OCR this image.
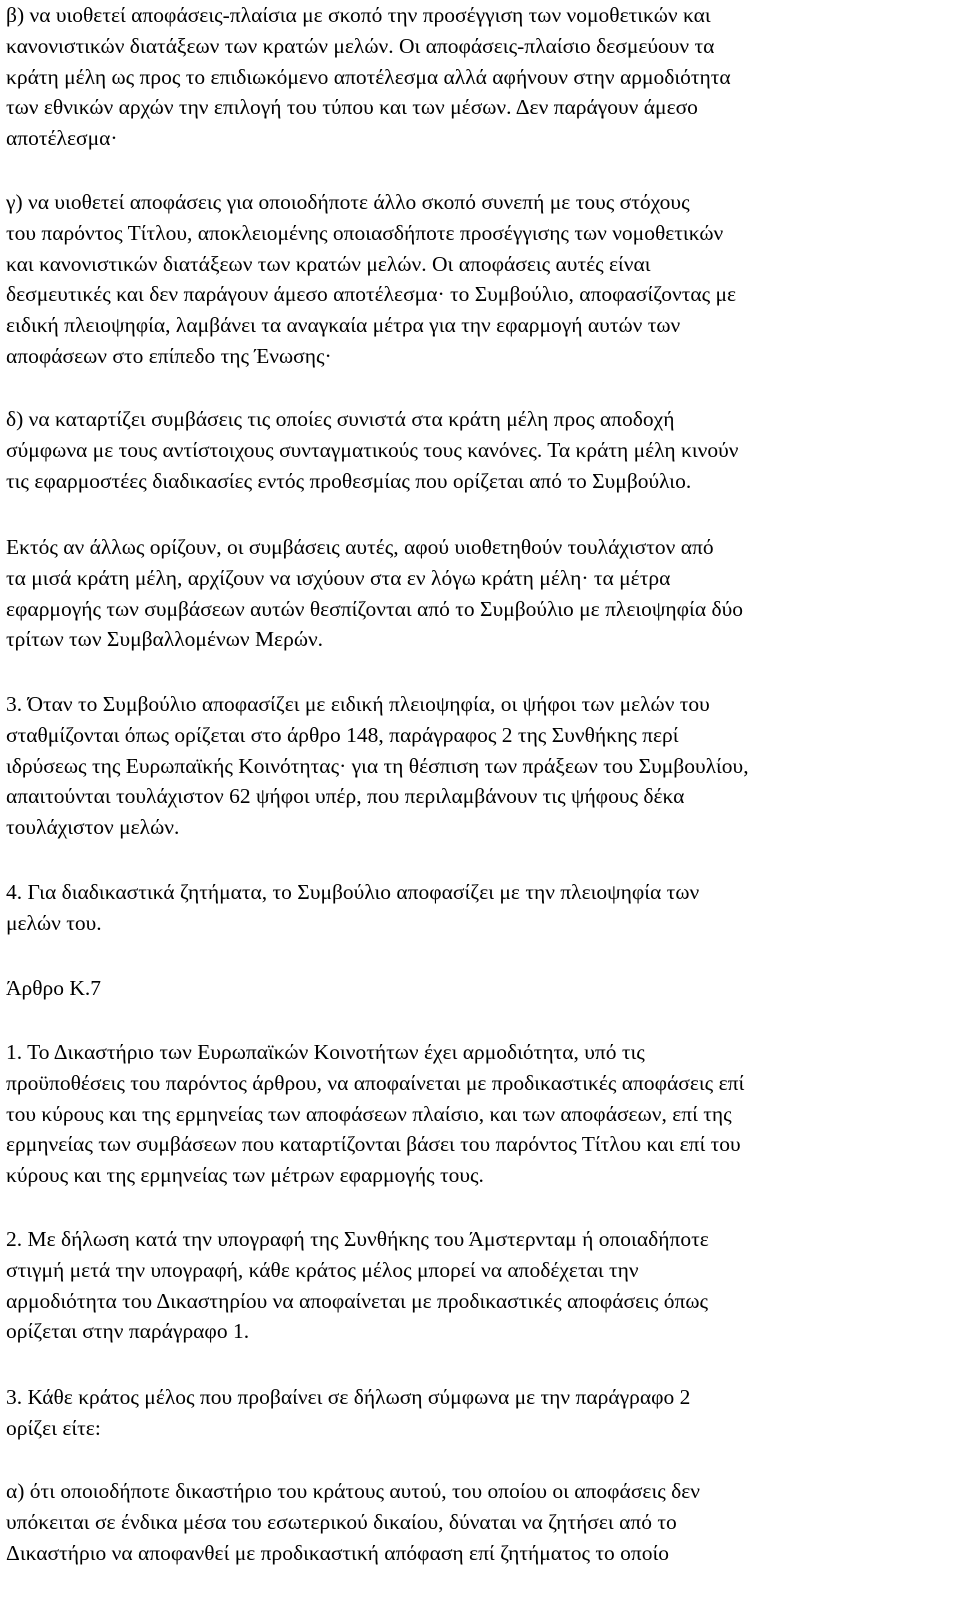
β) να υιοθετεί αποφάσεις-πλαίσια με σκοπό την προσέγγιση των νομοθετικών και
κανονιστικών διατάξεων των κρατών μελών. Οι αποφάσεις-πλαίσιο δεσμεύουν τα
κράτη μέλη ως προς το επιδιωκόμενο αποτέλεσμα αλλά αφήνουν στην αρμοδιότητα
των εθνικών αρχών την επιλογή του τύπου και των μέσων. Δεν παράγουν άμεσο
αποτέλεσμα·

γ) να υιοθετεί αποφάσεις για οποιοδήποτε άλλο σκοπό συνεπή με τους στόχους
του παρόντος Τίτλου, αποκλειομένης οποιασδήποτε προσέγγισης των νομοθετικών
και κανονιστικών διατάξεων των κρατών μελών. Οι αποφάσεις αυτές είναι
δεσμευτικές και δεν παράγουν άμεσο αποτέλεσμα· το Συμβούλιο, αποφασίζοντας με
ειδική πλειοψηφία, λαμβάνει τα αναγκαία μέτρα για την εφαρμογή αυτών των
αποφάσεων στο επίπεδο της Ένωσης·

δ) να καταρτίζει συμβάσεις τις οποίες συνιστά στα κράτη μέλη προς αποδοχή
σύμφωνα με τους αντίστοιχους συνταγματικούς τους κανόνες. Τα κράτη μέλη κινούν
τις εφαρμοστέες διαδικασίες εντός προθεσμίας που ορίζεται από το Συμβούλιο.

Εκτός αν άλλως ορίζουν, οι συμβάσεις αυτές, αφού υιοθετηθούν τουλάχιστον από
τα μισά κράτη μέλη, αρχίζουν να ισχύουν στα εν λόγω κράτη μέλη· τα μέτρα
εφαρμογής των συμβάσεων αυτών θεσπίζονται από το Συμβούλιο με πλειοψηφία δύο
τρίτων των Συμβαλλομένων Μερών.

3. Όταν το Συμβούλιο αποφασίζει με ειδική πλειοψηφία, οι ψήφοι των μελών του
σταθμίζονται όπως ορίζεται στο άρθρο 148, παράγραφος 2 της Συνθήκης περί
ιδρύσεως της Ευρωπαϊκής Κοινότητας· για τη θέσπιση των πράξεων του Συμβουλίου,
απαιτούνται τουλάχιστον 62 ψήφοι υπέρ, που περιλαμβάνουν τις ψήφους δέκα
τουλάχιστον μελών.

4. Για διαδικαστικά ζητήματα, το Συμβούλιο αποφασίζει με την πλειοψηφία των
μελών του.

Άρθρο Κ.7

1. Το Δικαστήριο των Ευρωπαϊκών Κοινοτήτων έχει αρμοδιότητα, υπό τις
προϋποθέσεις του παρόντος άρθρου, να αποφαίνεται με προδικαστικές αποφάσεις επί
του κύρους και της ερμηνείας των αποφάσεων πλαίσιο, και των αποφάσεων, επί της
ερμηνείας των συμβάσεων που καταρτίζονται βάσει του παρόντος Τίτλου και επί του
κύρους και της ερμηνείας των μέτρων εφαρμογής τους.

2. Με δήλωση κατά την υπογραφή της Συνθήκης του Άμστερνταμ ή οποιαδήποτε
στιγμή μετά την υπογραφή, κάθε κράτος μέλος μπορεί να αποδέχεται την
αρμοδιότητα του Δικαστηρίου να αποφαίνεται με προδικαστικές αποφάσεις όπως
ορίζεται στην παράγραφο 1.

3. Κάθε κράτος μέλος που προβαίνει σε δήλωση σύμφωνα με την παράγραφο 2
ορίζει είτε:

α) ότι οποιοδήποτε δικαστήριο του κράτους αυτού, του οποίου οι αποφάσεις δεν
υπόκειται σε ένδικα μέσα του εσωτερικού δικαίου, δύναται να ζητήσει από το
Δικαστήριο να αποφανθεί με προδικαστική απόφαση επί ζητήματος το οποίο
